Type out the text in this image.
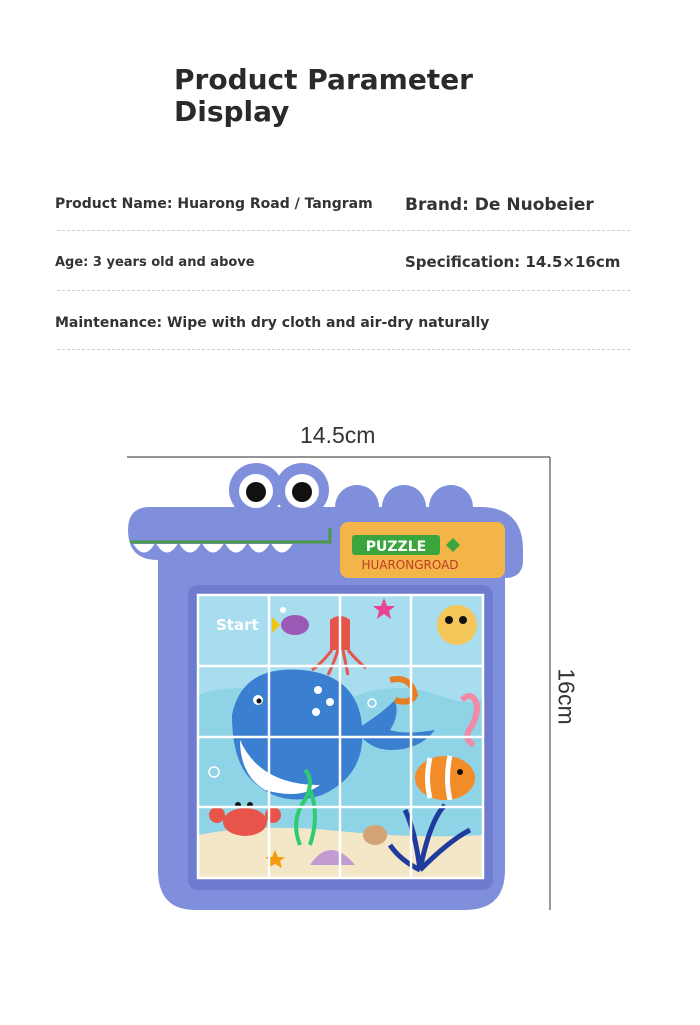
Product Parameter
Display
Product Name: Huarong Road / Tangram Brand: De Nuobeier
Age: 3 years old and above	Specification: 14.5×16cm
Maintenance: Wipe with dry cloth and air-dry naturally
14.5cm
16cm
PUZZLE
HUARONGROAD
Start
